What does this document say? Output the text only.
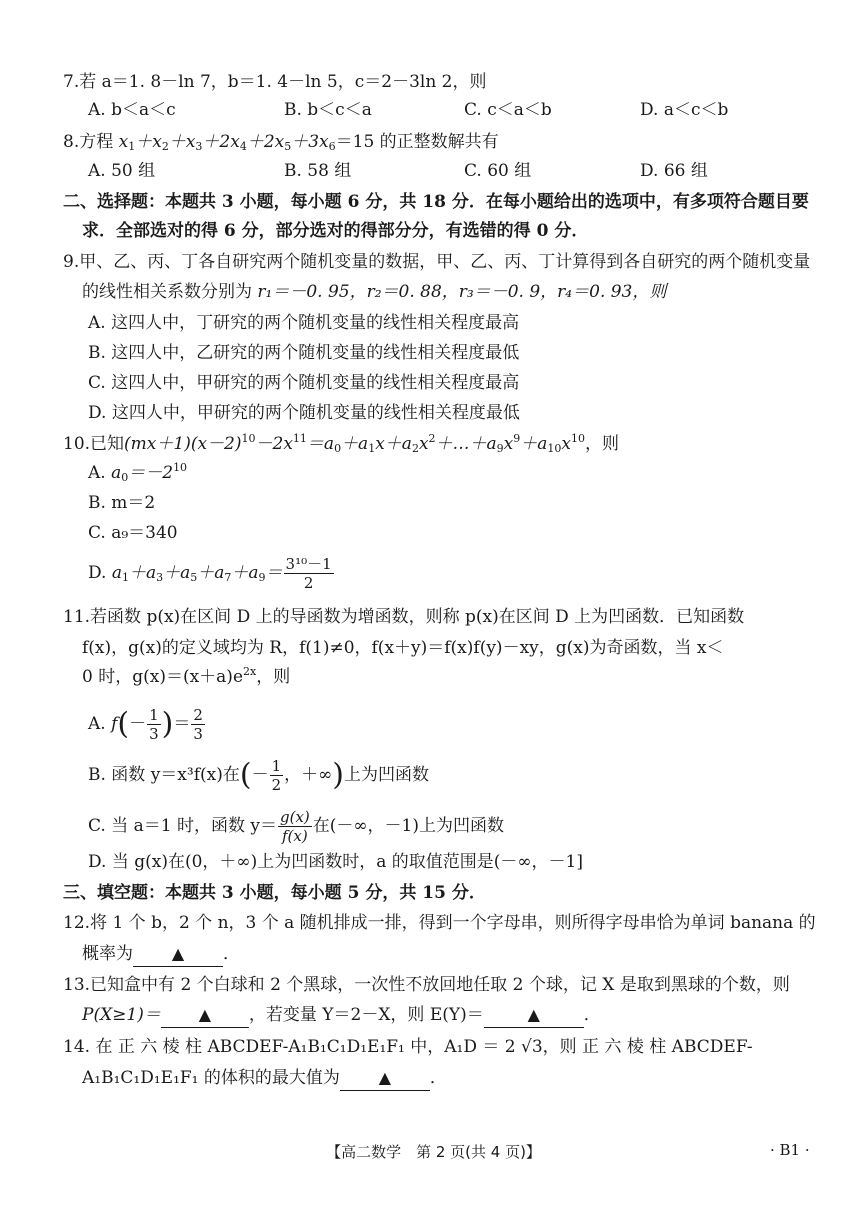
7.若 a＝1. 8－ln 7，b＝1. 4－ln 5，c＝2－3ln 2，则
A. b＜a＜c	B. b＜c＜a	C. c＜a＜b	D. a＜c＜b
8.方程 $x_1+x_2+x_3+2x_4+2x_5+3x_6=15$ 的正整数解共有
A. 50 组	B. 58 组	C. 60 组	D. 66 组
二、选择题：本题共 3 小题，每小题 6 分，共 18 分．在每小题给出的选项中，有多项符合题目要
求．全部选对的得 6 分，部分选对的得部分分，有选错的得 0 分．
9.甲、乙、丙、丁各自研究两个随机变量的数据，甲、乙、丙、丁计算得到各自研究的两个随机变量
的线性相关系数分别为 r₁＝－0. 95，r₂＝0. 88，r₃＝－0. 9，r₄＝0. 93，则
A. 这四人中，丁研究的两个随机变量的线性相关程度最高
B. 这四人中，乙研究的两个随机变量的线性相关程度最低
C. 这四人中，甲研究的两个随机变量的线性相关程度最高
D. 这四人中，甲研究的两个随机变量的线性相关程度最低
10.已知$(mx+1)(x-2)^{10}-2x^{11}=a_0+a_1x+a_2x^2+\dots+a_9x^9+a_{10}x^{10}$，则
A. $a_0=-2^{10}$
B. m＝2
C. a₉＝340
D. $a_1+a_3+a_5+a_7+a_9= \frac{\text{3¹⁰－1}}{2}$
11.若函数 p(x)在区间 D 上的导函数为增函数，则称 p(x)在区间 D 上为凹函数．已知函数
f(x)，g(x)的定义域均为 R，f(1)≠0，f(x＋y)＝f(x)f(y)－xy，g(x)为奇函数，当 x＜
0 时，$g(x)=(x+a)e^{2x}$，则
A. $f(- \frac{1}{3}$ )＝ $\frac{2}{3}$
B. 函数 y＝x³f(x)在(－ $\frac{1}{2}$ ，＋∞)上为凹函数
C. 当 a＝1 时，函数 $y= \frac{g(x)}{f(x)}$ 在(－∞，－1)上为凹函数
D. 当 g(x)在(0，＋∞)上为凹函数时，a 的取值范围是(－∞，－1]
三、填空题：本题共 3 小题，每小题 5 分，共 15 分．
12.将 1 个 b，2 个 n，3 个 a 随机排成一排，得到一个字母串，则所得字母串恰为单词 banana 的
概率为 ▲ ．
13.已知盒中有 2 个白球和 2 个黑球，一次性不放回地任取 2 个球，记 X 是取到黑球的个数，则
P(X≥1)＝ ▲ ，若变量 Y＝2－X，则 E(Y)＝	▲	．
14. 在 正 六 棱 柱 ABCDEF-A₁B₁C₁D₁E₁F₁ 中，A₁D ＝ 2 √3，则 正 六 棱 柱 ABCDEF-
A₁B₁C₁D₁E₁F₁ 的体积的最大值为 ▲ ．
【高二数学　第 2 页(共 4 页)】	· B1 ·
